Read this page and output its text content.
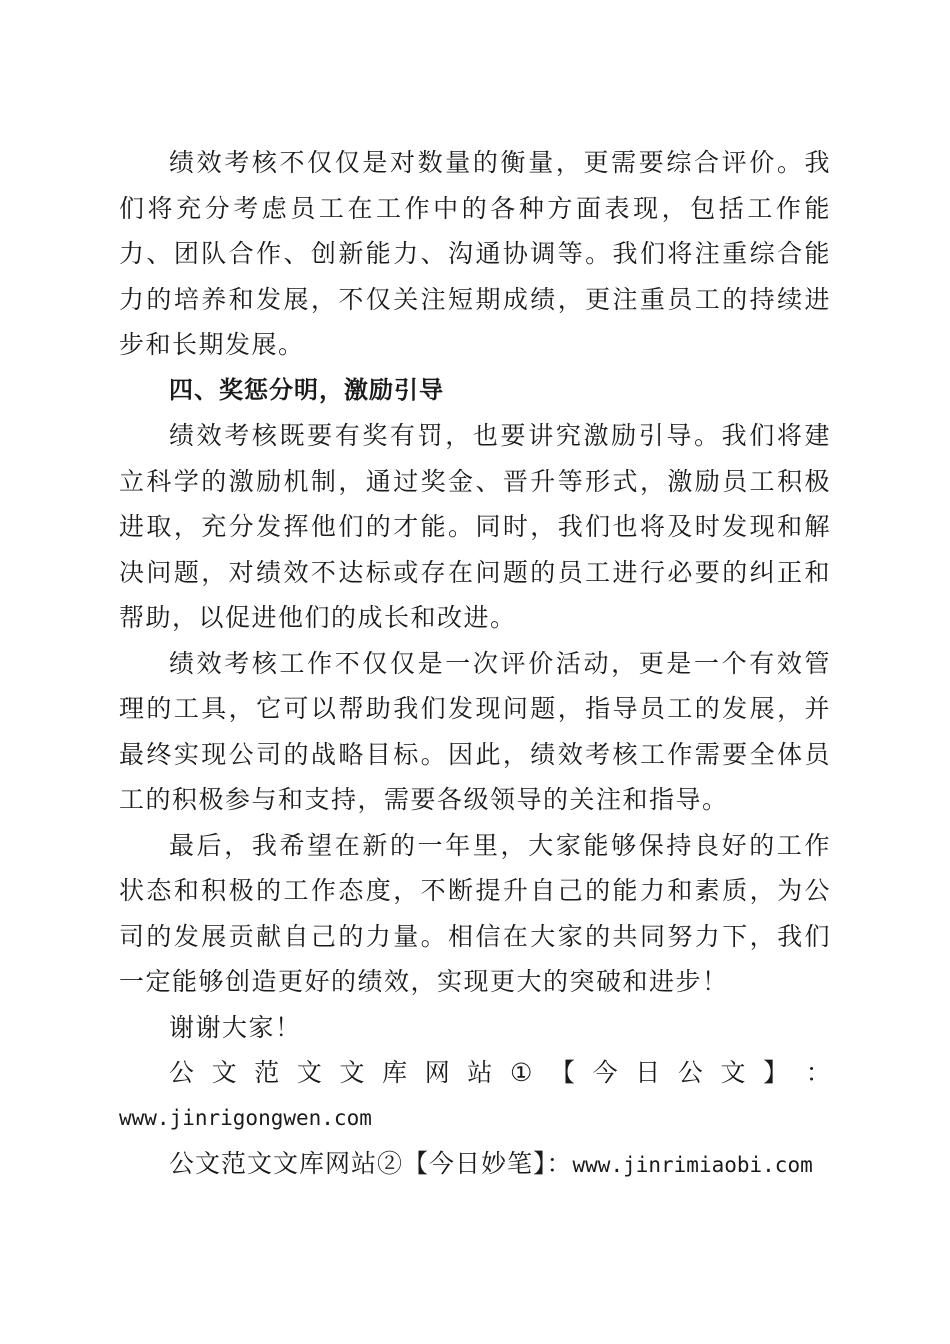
绩效考核不仅仅是对数量的衡量，更需要综合评价。我们将充分考虑员工在工作中的各种方面表现，包括工作能力、团队合作、创新能力、沟通协调等。我们将注重综合能力的培养和发展，不仅关注短期成绩，更注重员工的持续进步和长期发展。

四、奖惩分明，激励引导

绩效考核既要有奖有罚，也要讲究激励引导。我们将建立科学的激励机制，通过奖金、晋升等形式，激励员工积极进取，充分发挥他们的才能。同时，我们也将及时发现和解决问题，对绩效不达标或存在问题的员工进行必要的纠正和帮助，以促进他们的成长和改进。

绩效考核工作不仅仅是一次评价活动，更是一个有效管理的工具，它可以帮助我们发现问题，指导员工的发展，并最终实现公司的战略目标。因此，绩效考核工作需要全体员工的积极参与和支持，需要各级领导的关注和指导。

最后，我希望在新的一年里，大家能够保持良好的工作状态和积极的工作态度，不断提升自己的能力和素质，为公司的发展贡献自己的力量。相信在大家的共同努力下，我们一定能够创造更好的绩效，实现更大的突破和进步！

谢谢大家！

公 文 范 文 文 库 网 站 ① 【 今 日 公 文 】 ：

www.jinrigongwen.com

公文范文文库网站②【今日妙笔】：www.jinrimiaobi.com
